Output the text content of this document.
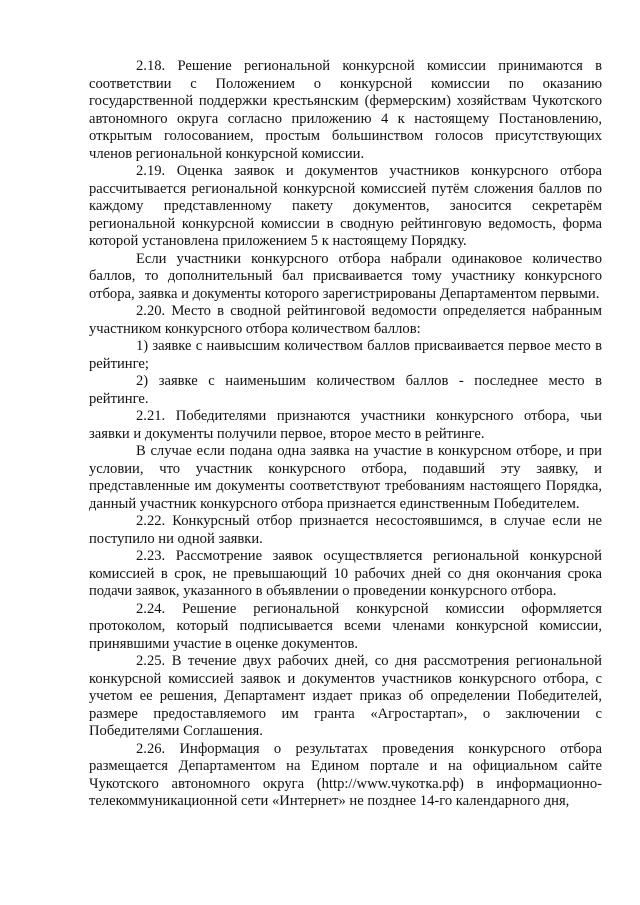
2.18. Решение региональной конкурсной комиссии принимаются в соответствии с Положением о конкурсной комиссии по оказанию государственной поддержки крестьянским (фермерским) хозяйствам Чукотского автономного округа согласно приложению 4 к настоящему Постановлению, открытым голосованием, простым большинством голосов присутствующих членов региональной конкурсной комиссии.

2.19. Оценка заявок и документов участников конкурсного отбора рассчитывается региональной конкурсной комиссией путём сложения баллов по каждому представленному пакету документов, заносится секретарём региональной конкурсной комиссии в сводную рейтинговую ведомость, форма которой установлена приложением 5 к настоящему Порядку.

Если участники конкурсного отбора набрали одинаковое количество баллов, то дополнительный бал присваивается тому участнику конкурсного отбора, заявка и документы которого зарегистрированы Департаментом первыми.

2.20. Место в сводной рейтинговой ведомости определяется набранным участником конкурсного отбора количеством баллов:

1) заявке с наивысшим количеством баллов присваивается первое место в рейтинге;

2) заявке с наименьшим количеством баллов - последнее место в рейтинге.

2.21. Победителями признаются участники конкурсного отбора, чьи заявки и документы получили первое, второе место в рейтинге.

В случае если подана одна заявка на участие в конкурсном отборе, и при условии, что участник конкурсного отбора, подавший эту заявку, и представленные им документы соответствуют требованиям настоящего Порядка, данный участник конкурсного отбора признается единственным Победителем.

2.22. Конкурсный отбор признается несостоявшимся, в случае если не поступило ни одной заявки.

2.23. Рассмотрение заявок осуществляется региональной конкурсной комиссией в срок, не превышающий 10 рабочих дней со дня окончания срока подачи заявок, указанного в объявлении о проведении конкурсного отбора.

2.24. Решение региональной конкурсной комиссии оформляется протоколом, который подписывается всеми членами конкурсной комиссии, принявшими участие в оценке документов.

2.25. В течение двух рабочих дней, со дня рассмотрения региональной конкурсной комиссией заявок и документов участников конкурсного отбора, с учетом ее решения, Департамент издает приказ об определении Победителей, размере предоставляемого им гранта «Агростартап», о заключении с Победителями Соглашения.

2.26. Информация о результатах проведения конкурсного отбора размещается Департаментом на Едином портале и на официальном сайте Чукотского автономного округа (http://www.чукотка.рф) в информационно-телекоммуникационной сети «Интернет» не позднее 14-го календарного дня,
